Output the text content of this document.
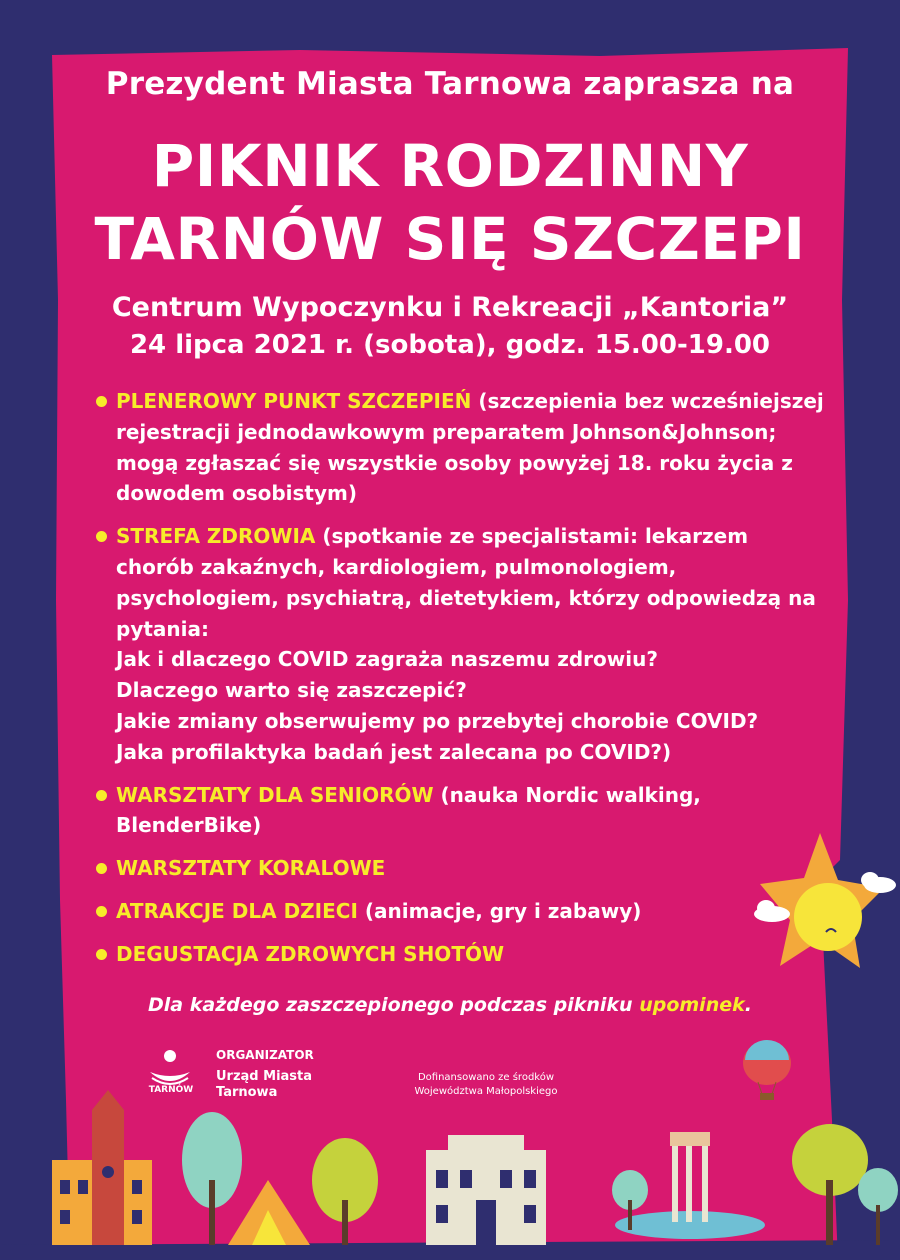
Prezydent Miasta Tarnowa zaprasza na
PIKNIK RODZINNY
TARNÓW SIĘ SZCZEPI
Centrum Wypoczynku i Rekreacji „Kantoria”
24 lipca 2021 r. (sobota), godz. 15.00-19.00
PLENEROWY PUNKT SZCZEPIEŃ (szczepienia bez wcześniejszej rejestracji jednodawkowym preparatem Johnson&Johnson; mogą zgłaszać się wszystkie osoby powyżej 18. roku życia z dowodem osobistym)
STREFA ZDROWIA (spotkanie ze specjalistami: lekarzem chorób zakaźnych, kardiologiem, pulmonologiem, psychologiem, psychiatrą, dietetykiem, którzy odpowiedzą na pytania:
Jak i dlaczego COVID zagraża naszemu zdrowiu?
Dlaczego warto się zaszczepić?
Jakie zmiany obserwujemy po przebytej chorobie COVID?
Jaka profilaktyka badań jest zalecana po COVID?)
WARSZTATY DLA SENIORÓW (nauka Nordic walking, BlenderBike)
WARSZTATY KORALOWE
ATRAKCJE DLA DZIECI (animacje, gry i zabawy)
DEGUSTACJA ZDROWYCH SHOTÓW
Dla każdego zaszczepionego podczas pikniku upominek.
TARNÓW
ORGANIZATOR
Urząd Miasta Tarnowa
Dofinansowano ze środków
Województwa Małopolskiego
